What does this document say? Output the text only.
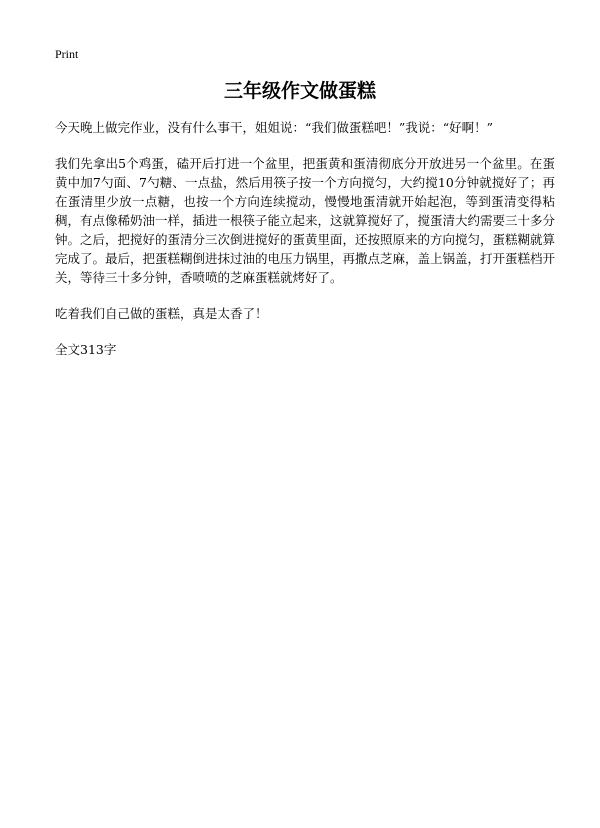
Print
三年级作文做蛋糕

今天晚上做完作业，没有什么事干，姐姐说：“我们做蛋糕吧！”我说：“好啊！”

我们先拿出5个鸡蛋，磕开后打进一个盆里，把蛋黄和蛋清彻底分开放进另一个盆里。在蛋黄中加7勺面、7勺糖、一点盐，然后用筷子按一个方向搅匀，大约搅10分钟就搅好了；再在蛋清里少放一点糖，也按一个方向连续搅动，慢慢地蛋清就开始起泡，等到蛋清变得粘稠，有点像稀奶油一样，插进一根筷子能立起来，这就算搅好了，搅蛋清大约需要三十多分钟。之后，把搅好的蛋清分三次倒进搅好的蛋黄里面，还按照原来的方向搅匀，蛋糕糊就算完成了。最后，把蛋糕糊倒进抹过油的电压力锅里，再撒点芝麻，盖上锅盖，打开蛋糕档开关，等待三十多分钟，香喷喷的芝麻蛋糕就烤好了。

吃着我们自己做的蛋糕，真是太香了！

全文313字
